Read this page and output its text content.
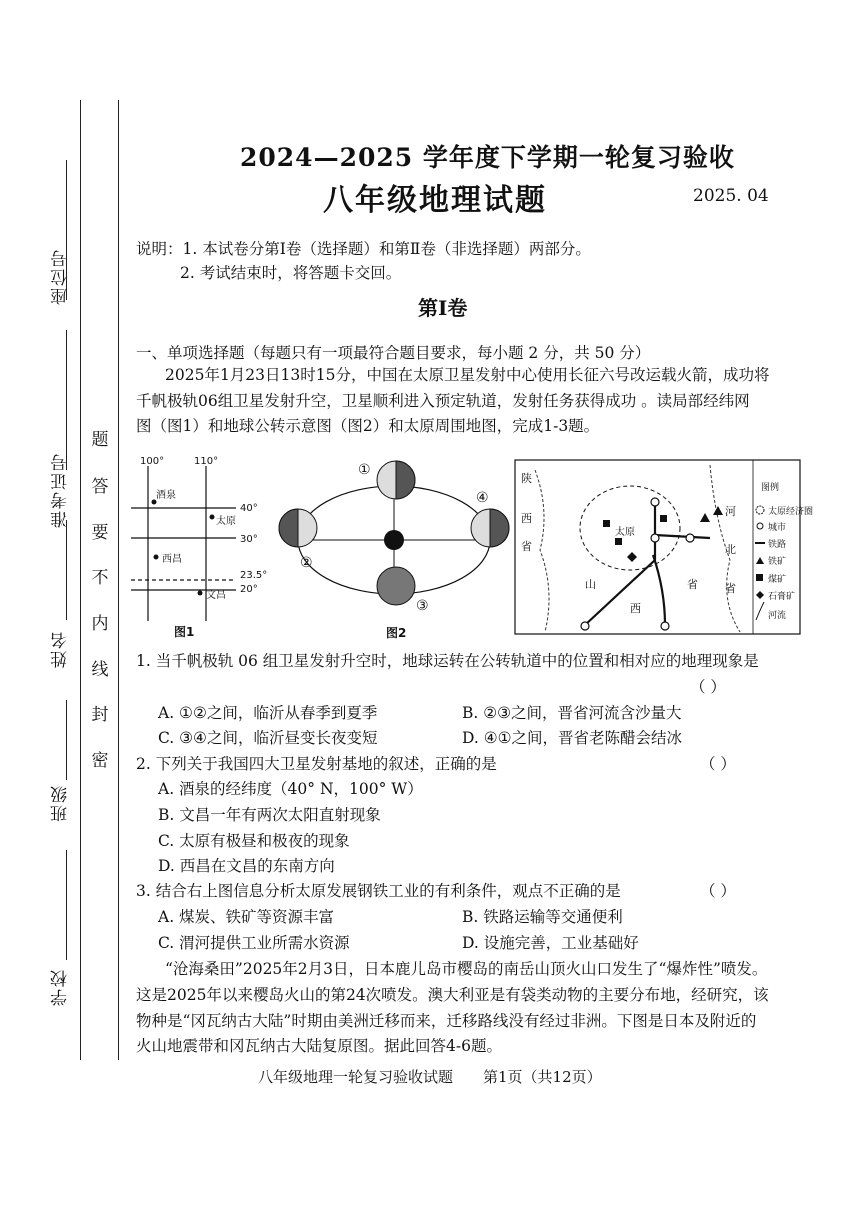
座位号
准考证号
姓名
班级
学校
题
答
要
不
内
线
封
密
2024—2025 学年度下学期一轮复习验收
八年级地理试题	2025. 04
说明：1. 本试卷分第Ⅰ卷（选择题）和第Ⅱ卷（非选择题）两部分。
2. 考试结束时，将答题卡交回。
第Ⅰ卷
一、单项选择题（每题只有一项最符合题目要求，每小题 2 分，共 50 分）
2025年1月23日13时15分，中国在太原卫星发射中心使用长征六号改运载火箭，成功将
千帆极轨06组卫星发射升空，卫星顺利进入预定轨道，发射任务获得成功 。读局部经纬网
图（图1）和地球公转示意图（图2）和太原周围地图，完成1-3题。
100°	110°
40°
30°
23.5°
20°
酒泉
太原
西昌
文昌
图1
①
②
③
④
图2
陕
西
省
山
西
省
河
北
省
太原
图例
太原经济圈
城市
铁路
铁矿
煤矿
石膏矿
河流
1. 当千帆极轨 06 组卫星发射升空时，地球运转在公转轨道中的位置和相对应的地理现象是
（ ）
A. ①②之间，临沂从春季到夏季	B. ②③之间，晋省河流含沙量大
C. ③④之间，临沂昼变长夜变短	D. ④①之间，晋省老陈醋会结冰
2. 下列关于我国四大卫星发射基地的叙述，正确的是	（ ）
A. 酒泉的经纬度（40° N，100° W）
B. 文昌一年有两次太阳直射现象
C. 太原有极昼和极夜的现象
D. 西昌在文昌的东南方向
3. 结合右上图信息分析太原发展钢铁工业的有利条件，观点不正确的是	（ ）
A. 煤炭、铁矿等资源丰富	B. 铁路运输等交通便利
C. 渭河提供工业所需水资源	D. 设施完善，工业基础好
“沧海桑田”2025年2月3日，日本鹿儿岛市樱岛的南岳山顶火山口发生了“爆炸性”喷发。
这是2025年以来樱岛火山的第24次喷发。澳大利亚是有袋类动物的主要分布地，经研究，该
物种是“冈瓦纳古大陆”时期由美洲迁移而来，迁移路线没有经过非洲。下图是日本及附近的
火山地震带和冈瓦纳古大陆复原图。据此回答4-6题。
八年级地理一轮复习验收试题　　第1页（共12页）
